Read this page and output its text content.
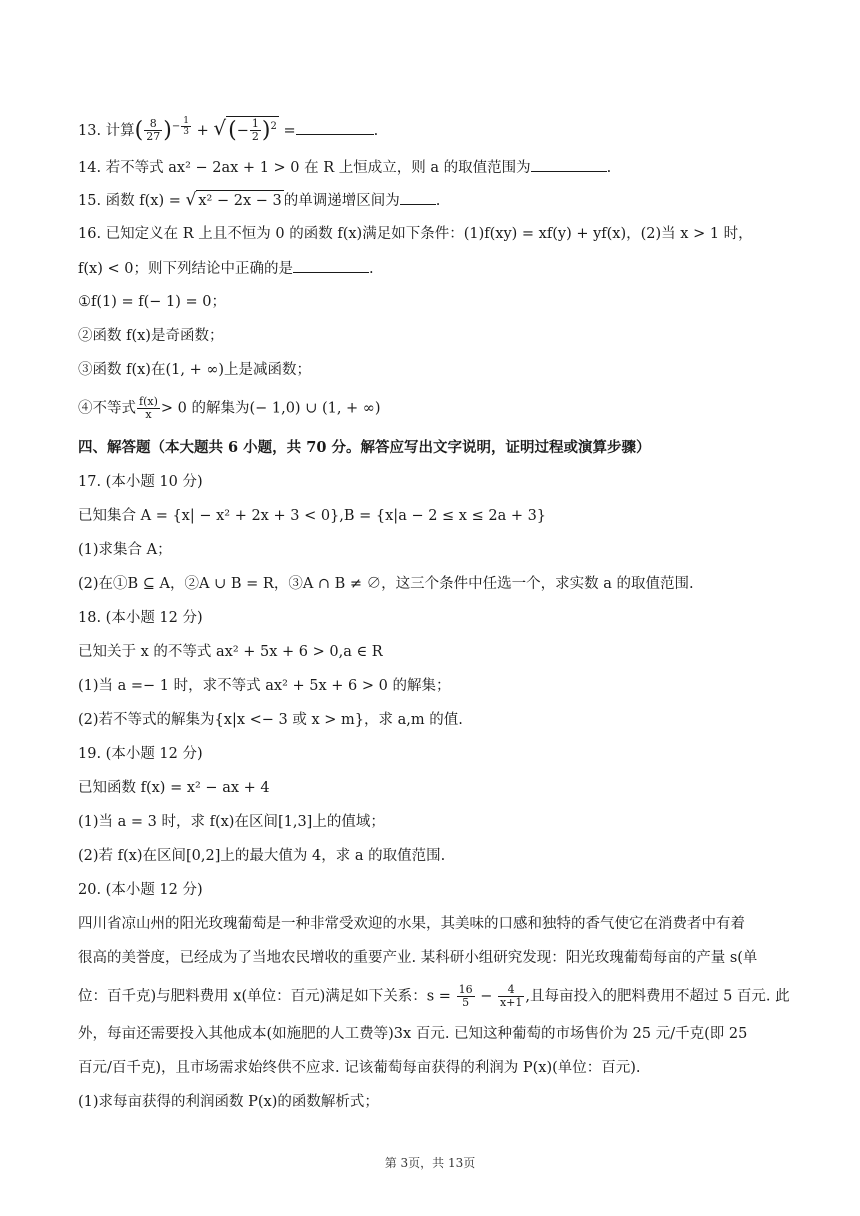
13. 计算( $\frac{8}{27} )^{- \frac{1}{3}}$ + √(− $\frac{1}{2} )^2$ =	.
14. 若不等式 ax² − 2ax + 1 > 0 在 R 上恒成立，则 a 的取值范围为	.
15. 函数 f(x) = √ x² − 2x − 3 的单调递增区间为 .
16. 已知定义在 R 上且不恒为 0 的函数 f(x)满足如下条件：(1)f(xy) = xf(y) + yf(x)，(2)当 x > 1 时，
f(x) < 0；则下列结论中正确的是	.
①f(1) = f(− 1) = 0；
②函数 f(x)是奇函数；
③函数 f(x)在(1, + ∞)上是减函数；
④不等式 $\frac{f(x)}{x} > 0$ 的解集为(− 1,0) ∪ (1, + ∞)
四、解答题（本大题共 6 小题，共 70 分。解答应写出文字说明，证明过程或演算步骤）
17. (本小题 10 分)
已知集合 A = {x| − x² + 2x + 3 < 0},B = {x|a − 2 ≤ x ≤ 2a + 3}
(1)求集合 A；
(2)在①B ⊆ A，②A ∪ B = R，③A ∩ B ≠ ∅，这三个条件中任选一个，求实数 a 的取值范围.
18. (本小题 12 分)
已知关于 x 的不等式 ax² + 5x + 6 > 0,a ∈ R
(1)当 a =− 1 时，求不等式 ax² + 5x + 6 > 0 的解集；
(2)若不等式的解集为{x|x <− 3 或 x > m}，求 a,m 的值.
19. (本小题 12 分)
已知函数 f(x) = x² − ax + 4
(1)当 a = 3 时，求 f(x)在区间[1,3]上的值域；
(2)若 f(x)在区间[0,2]上的最大值为 4，求 a 的取值范围.
20. (本小题 12 分)
四川省凉山州的阳光玫瑰葡萄是一种非常受欢迎的水果，其美味的口感和独特的香气使它在消费者中有着
很高的美誉度，已经成为了当地农民增收的重要产业. 某科研小组研究发现：阳光玫瑰葡萄每亩的产量 s(单
位：百千克)与肥料费用 x(单位：百元)满足如下关系：$s = \frac{16}{5} - \frac{4}{x+1}$ ,且每亩投入的肥料费用不超过 5 百元. 此
外，每亩还需要投入其他成本(如施肥的人工费等)3x 百元. 已知这种葡萄的市场售价为 25 元/千克(即 25
百元/百千克)，且市场需求始终供不应求. 记该葡萄每亩获得的利润为 P(x)(单位：百元).
(1)求每亩获得的利润函数 P(x)的函数解析式；
第 3页，共 13页
